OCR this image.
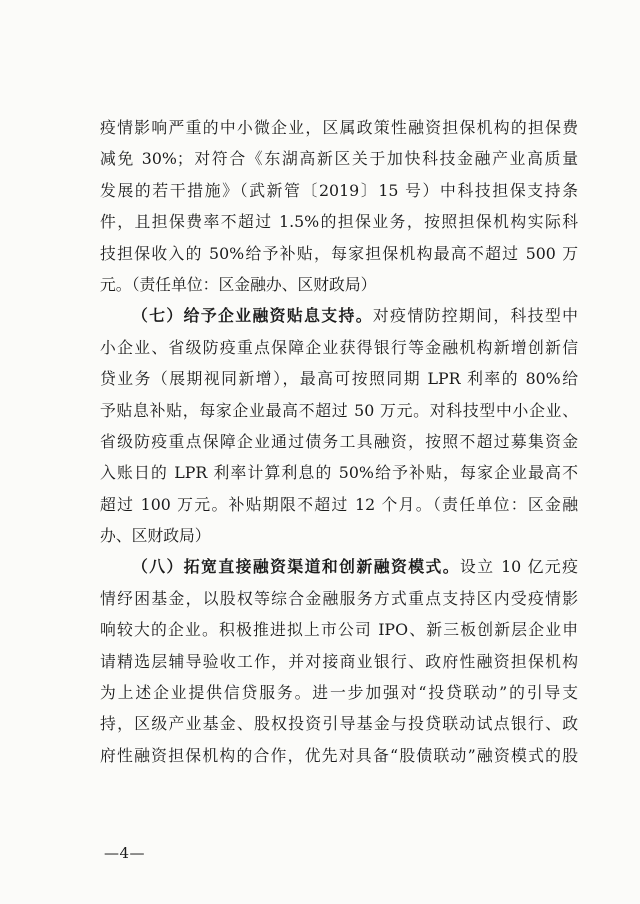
疫情影响严重的中小微企业，区属政策性融资担保机构的担保费
减免 30%；对符合《东湖高新区关于加快科技金融产业高质量
发展的若干措施》（武新管〔2019〕15 号）中科技担保支持条
件，且担保费率不超过 1.5%的担保业务，按照担保机构实际科
技担保收入的 50%给予补贴，每家担保机构最高不超过 500 万
元。（责任单位：区金融办、区财政局）
（七）给予企业融资贴息支持。对疫情防控期间，科技型中
小企业、省级防疫重点保障企业获得银行等金融机构新增创新信
贷业务（展期视同新增），最高可按照同期 LPR 利率的 80%给
予贴息补贴，每家企业最高不超过 50 万元。对科技型中小企业、
省级防疫重点保障企业通过债务工具融资，按照不超过募集资金
入账日的 LPR 利率计算利息的 50%给予补贴，每家企业最高不
超过 100 万元。补贴期限不超过 12 个月。（责任单位：区金融
办、区财政局）
（八）拓宽直接融资渠道和创新融资模式。设立 10 亿元疫
情纾困基金，以股权等综合金融服务方式重点支持区内受疫情影
响较大的企业。积极推进拟上市公司 IPO、新三板创新层企业申
请精选层辅导验收工作，并对接商业银行、政府性融资担保机构
为上述企业提供信贷服务。进一步加强对“投贷联动”的引导支
持，区级产业基金、股权投资引导基金与投贷联动试点银行、政
府性融资担保机构的合作，优先对具备“股债联动”融资模式的股
—4—
